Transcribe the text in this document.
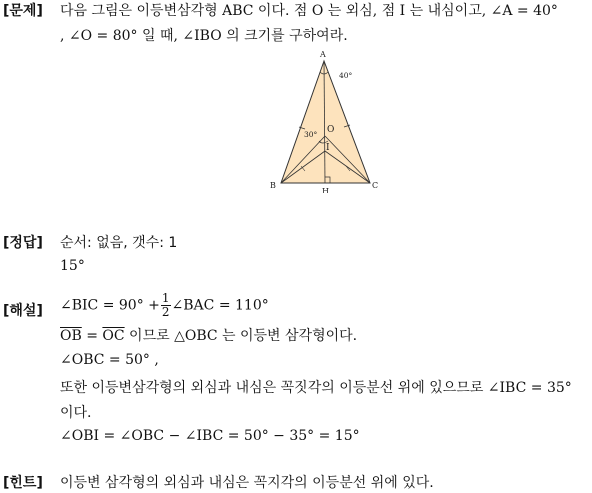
[문제] 다음 그림은 이등변삼각형 ABC 이다. 점 O 는 외심, 점 I 는 내심이고, ∠A = 40°
, ∠O = 80° 일 때, ∠IBO 의 크기를 구하여라.
A
B	C
O
I
H
40°
30°
[정답] 순서: 없음, 갯수: 1
15°
[해설] ∠BIC = $90^\circ + \frac{1}{2}$ ∠BAC = 110°
$\overline{OB} = \overline{OC}$ 이므로 △OBC 는 이등변 삼각형이다.
∠OBC = 50° ,
또한 이등변삼각형의 외심과 내심은 꼭짓각의 이등분선 위에 있으므로 ∠IBC = 35°
이다.
∠OBI = ∠OBC − ∠IBC = 50° − 35° = 15°
[힌트] 이등변 삼각형의 외심과 내심은 꼭지각의 이등분선 위에 있다.
